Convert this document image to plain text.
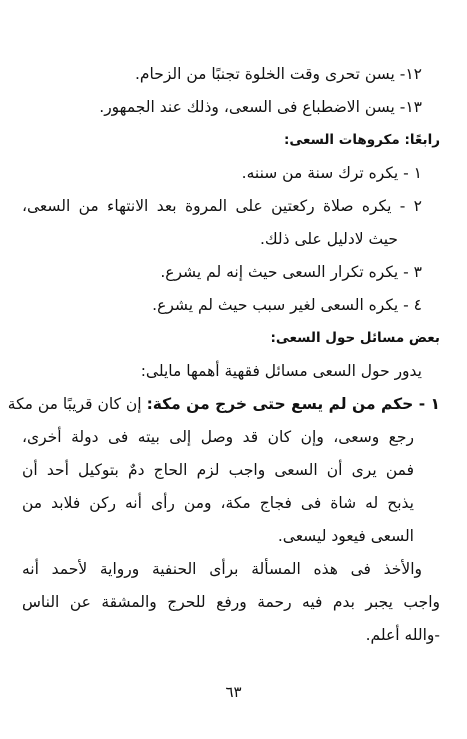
١٢- يسن تحرى وقت الخلوة تجنبًا من الزحام.
١٣- يسن الاضطباع فى السعى، وذلك عند الجمهور.
رابعًا: مكروهات السعى:
١ - يكره ترك سنة من سننه.
٢ - يكره صلاة ركعتين على المروة بعد الانتهاء من السعى،
حيث لادليل على ذلك.
٣ - يكره تكرار السعى حيث إنه لم يشرع.
٤ - يكره السعى لغير سبب حيث لم يشرع.
بعض مسائل حول السعى:
يدور حول السعى مسائل فقهية أهمها مايلى:
١ - حكم من لم يسع حتى خرج من مكة: إن كان قريبًا من مكة
رجع وسعى، وإن كان قد وصل إلى بيته فى دولة أخرى،
فمن يرى أن السعى واجب لزم الحاج دمٌ بتوكيل أحد أن
يذبح له شاة فى فجاج مكة، ومن رأى أنه ركن فلابد من
السعى فيعود ليسعى.
والأخذ فى هذه المسألة برأى الحنفية ورواية لأحمد أنه
واجب يجبر بدم فيه رحمة ورفع للحرج والمشقة عن الناس
-والله أعلم.
٦٣
